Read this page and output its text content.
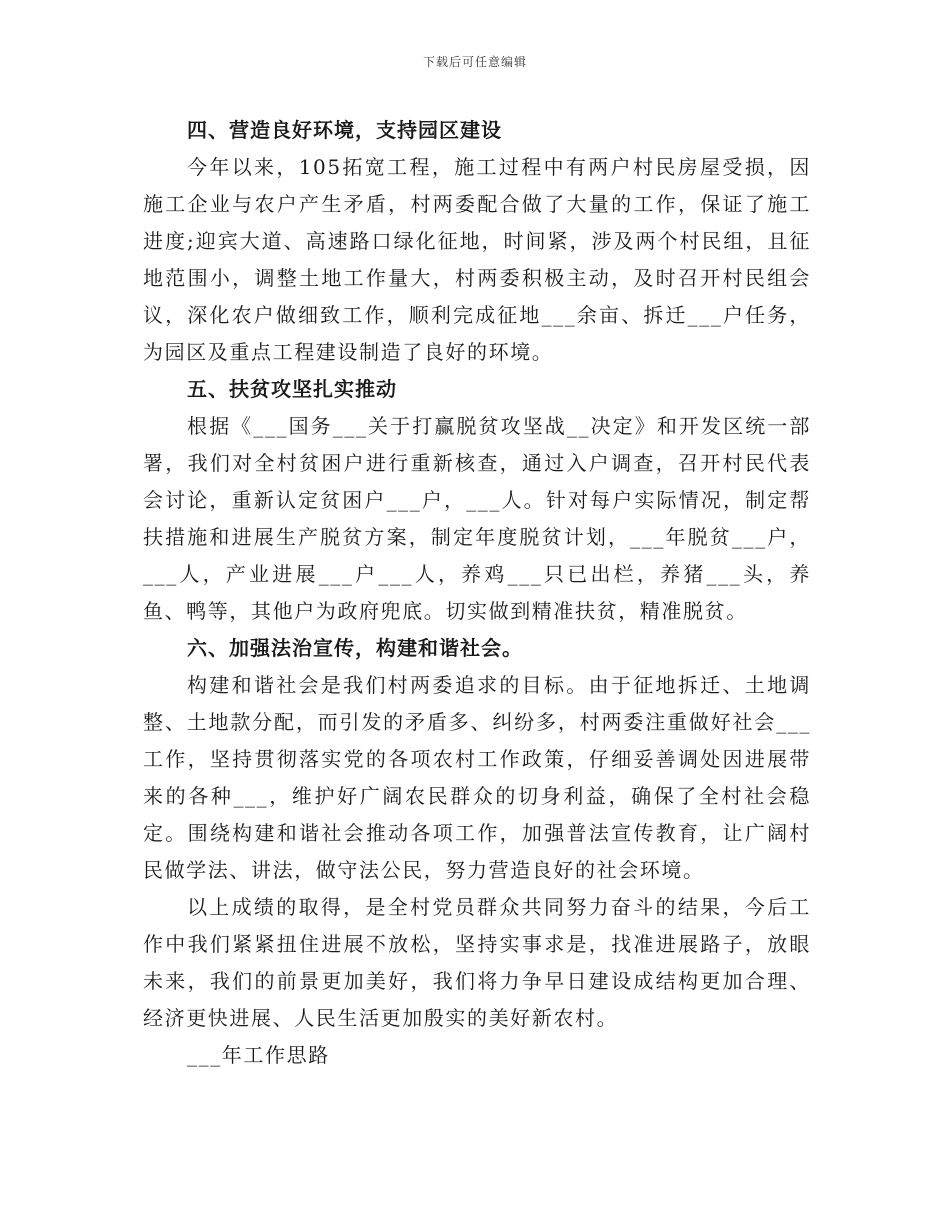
下载后可任意编辑
四、营造良好环境，支持园区建设

今年以来，105拓宽工程，施工过程中有两户村民房屋受损，因施工企业与农户产生矛盾，村两委配合做了大量的工作，保证了施工进度;迎宾大道、高速路口绿化征地，时间紧，涉及两个村民组，且征地范围小，调整土地工作量大，村两委积极主动，及时召开村民组会议，深化农户做细致工作，顺利完成征地___余亩、拆迁___户任务，为园区及重点工程建设制造了良好的环境。

五、扶贫攻坚扎实推动

根据《___国务___关于打赢脱贫攻坚战__决定》和开发区统一部署，我们对全村贫困户进行重新核查，通过入户调查，召开村民代表会讨论，重新认定贫困户___户，___人。针对每户实际情况，制定帮扶措施和进展生产脱贫方案，制定年度脱贫计划，___年脱贫___户，___人，产业进展___户___人，养鸡___只已出栏，养猪___头，养鱼、鸭等，其他户为政府兜底。切实做到精准扶贫，精准脱贫。

六、加强法治宣传，构建和谐社会。

构建和谐社会是我们村两委追求的目标。由于征地拆迁、土地调整、土地款分配，而引发的矛盾多、纠纷多，村两委注重做好社会___工作，坚持贯彻落实党的各项农村工作政策，仔细妥善调处因进展带来的各种___，维护好广阔农民群众的切身利益，确保了全村社会稳定。围绕构建和谐社会推动各项工作，加强普法宣传教育，让广阔村民做学法、讲法，做守法公民，努力营造良好的社会环境。

以上成绩的取得，是全村党员群众共同努力奋斗的结果，今后工作中我们紧紧扭住进展不放松，坚持实事求是，找准进展路子，放眼未来，我们的前景更加美好，我们将力争早日建设成结构更加合理、经济更快进展、人民生活更加殷实的美好新农村。

___年工作思路
